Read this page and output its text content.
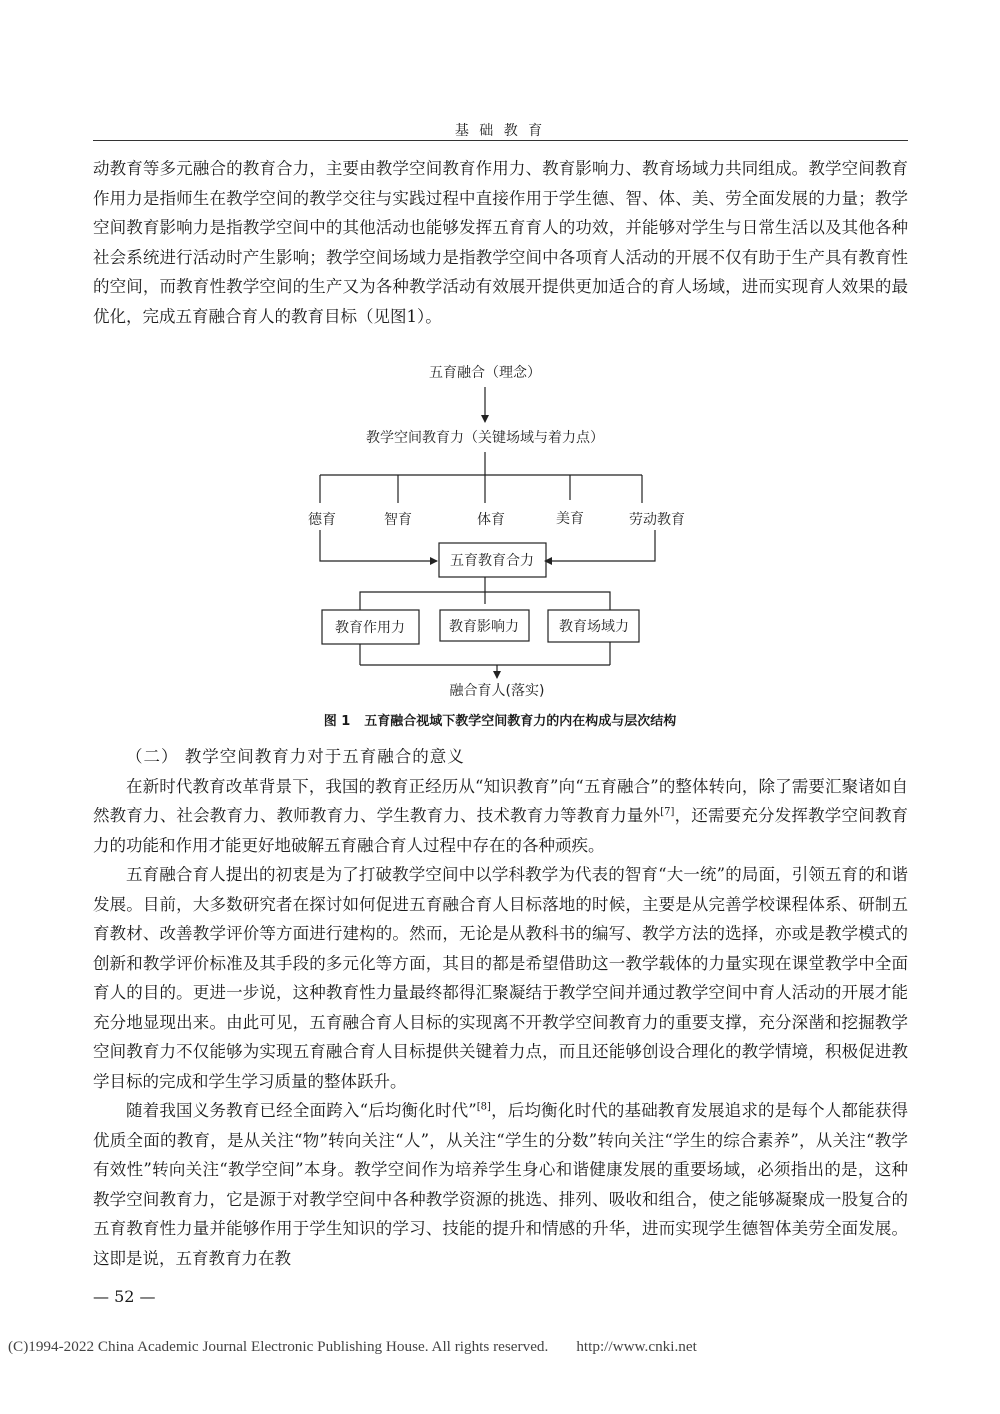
基 础 教 育

动教育等多元融合的教育合力，主要由教学空间教育作用力、教育影响力、教育场域力共同组成。教学空间教育作用力是指师生在教学空间的教学交往与实践过程中直接作用于学生德、智、体、美、劳全面发展的力量；教学空间教育影响力是指教学空间中的其他活动也能够发挥五育育人的功效，并能够对学生与日常生活以及其他各种社会系统进行活动时产生影响；教学空间场域力是指教学空间中各项育人活动的开展不仅有助于生产具有教育性的空间，而教育性教学空间的生产又为各种教学活动有效展开提供更加适合的育人场域，进而实现育人效果的最优化，完成五育融合育人的教育目标（见图1）。

五育融合（理念）
教学空间教育力（关键场域与着力点）
德育	智育	体育	美育	劳动教育
五育教育合力
教育作用力	教育影响力	教育场域力
融合育人(落实)
图 1 五育融合视域下教学空间教育力的内在构成与层次结构

（二） 教学空间教育力对于五育融合的意义

在新时代教育改革背景下，我国的教育正经历从“知识教育”向“五育融合”的整体转向，除了需要汇聚诸如自然教育力、社会教育力、教师教育力、学生教育力、技术教育力等教育力量外[7]，还需要充分发挥教学空间教育力的功能和作用才能更好地破解五育融合育人过程中存在的各种顽疾。

五育融合育人提出的初衷是为了打破教学空间中以学科教学为代表的智育“大一统”的局面，引领五育的和谐发展。目前，大多数研究者在探讨如何促进五育融合育人目标落地的时候，主要是从完善学校课程体系、研制五育教材、改善教学评价等方面进行建构的。然而，无论是从教科书的编写、教学方法的选择，亦或是教学模式的创新和教学评价标准及其手段的多元化等方面，其目的都是希望借助这一教学载体的力量实现在课堂教学中全面育人的目的。更进一步说，这种教育性力量最终都得汇聚凝结于教学空间并通过教学空间中育人活动的开展才能充分地显现出来。由此可见，五育融合育人目标的实现离不开教学空间教育力的重要支撑，充分深凿和挖掘教学空间教育力不仅能够为实现五育融合育人目标提供关键着力点，而且还能够创设合理化的教学情境，积极促进教学目标的完成和学生学习质量的整体跃升。

随着我国义务教育已经全面跨入“后均衡化时代”[8]，后均衡化时代的基础教育发展追求的是每个人都能获得优质全面的教育，是从关注“物”转向关注“人”，从关注“学生的分数”转向关注“学生的综合素养”，从关注“教学有效性”转向关注“教学空间”本身。教学空间作为培养学生身心和谐健康发展的重要场域，必须指出的是，这种教学空间教育力，它是源于对教学空间中各种教学资源的挑选、排列、吸收和组合，使之能够凝聚成一股复合的五育教育性力量并能够作用于学生知识的学习、技能的提升和情感的升华，进而实现学生德智体美劳全面发展。这即是说，五育教育力在教

— 52 —
(C)1994-2022 China Academic Journal Electronic Publishing House. All rights reserved. http://www.cnki.net
